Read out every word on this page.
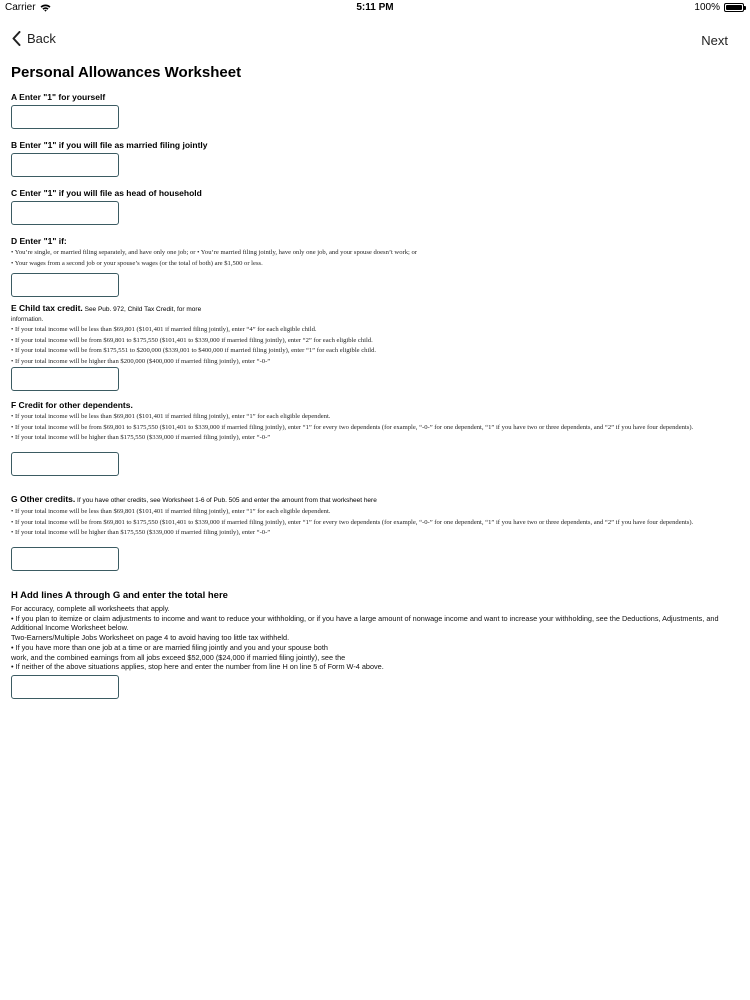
Carrier	5:11 PM	100%
Back	Next
Personal Allowances Worksheet
A Enter "1" for yourself
B Enter "1" if you will file as married filing jointly
C Enter "1" if you will file as head of household
D Enter "1" if:
• You’re single, or married filing separately, and have only one job; or • You’re married filing jointly, have only one job, and your spouse doesn’t work; or
• Your wages from a second job or your spouse’s wages (or the total of both) are $1,500 or less.
E Child tax credit. See Pub. 972, Child Tax Credit, for more
information.
• If your total income will be less than $69,801 ($101,401 if married filing jointly), enter “4” for each eligible child.
• If your total income will be from $69,801 to $175,550 ($101,401 to $339,000 if married filing jointly), enter “2” for each eligible child.
• If your total income will be from $175,551 to $200,000 ($339,001 to $400,000 if married filing jointly), enter “1” for each eligible child.
• If your total income will be higher than $200,000 ($400,000 if married filing jointly), enter “-0-”
F Credit for other dependents.
• If your total income will be less than $69,801 ($101,401 if married filing jointly), enter “1” for each eligible dependent.
• If your total income will be from $69,801 to $175,550 ($101,401 to $339,000 if married filing jointly), enter “1” for every two dependents (for example, “-0-” for one dependent, “1” if you have two or three dependents, and “2” if you have four dependents).
• If your total income will be higher than $175,550 ($339,000 if married filing jointly), enter “-0-”
G Other credits. If you have other credits, see Worksheet 1-6 of Pub. 505 and enter the amount from that worksheet here
• If your total income will be less than $69,801 ($101,401 if married filing jointly), enter “1” for each eligible dependent.
• If your total income will be from $69,801 to $175,550 ($101,401 to $339,000 if married filing jointly), enter “1” for every two dependents (for example, “-0-” for one dependent, “1” if you have two or three dependents, and “2” if you have four dependents).
• If your total income will be higher than $175,550 ($339,000 if married filing jointly), enter “-0-”
H Add lines A through G and enter the total here
For accuracy, complete all worksheets that apply.
• If you plan to itemize or claim adjustments to income and want to reduce your withholding, or if you have a large amount of nonwage income and want to increase your withholding, see the Deductions, Adjustments, and Additional Income Worksheet below.
Two-Earners/Multiple Jobs Worksheet on page 4 to avoid having too little tax withheld.
• If you have more than one job at a time or are married filing jointly and you and your spouse both
work, and the combined earnings from all jobs exceed $52,000 ($24,000 if married filing jointly), see the
• If neither of the above situations applies, stop here and enter the number from line H on line 5 of Form W-4 above.
